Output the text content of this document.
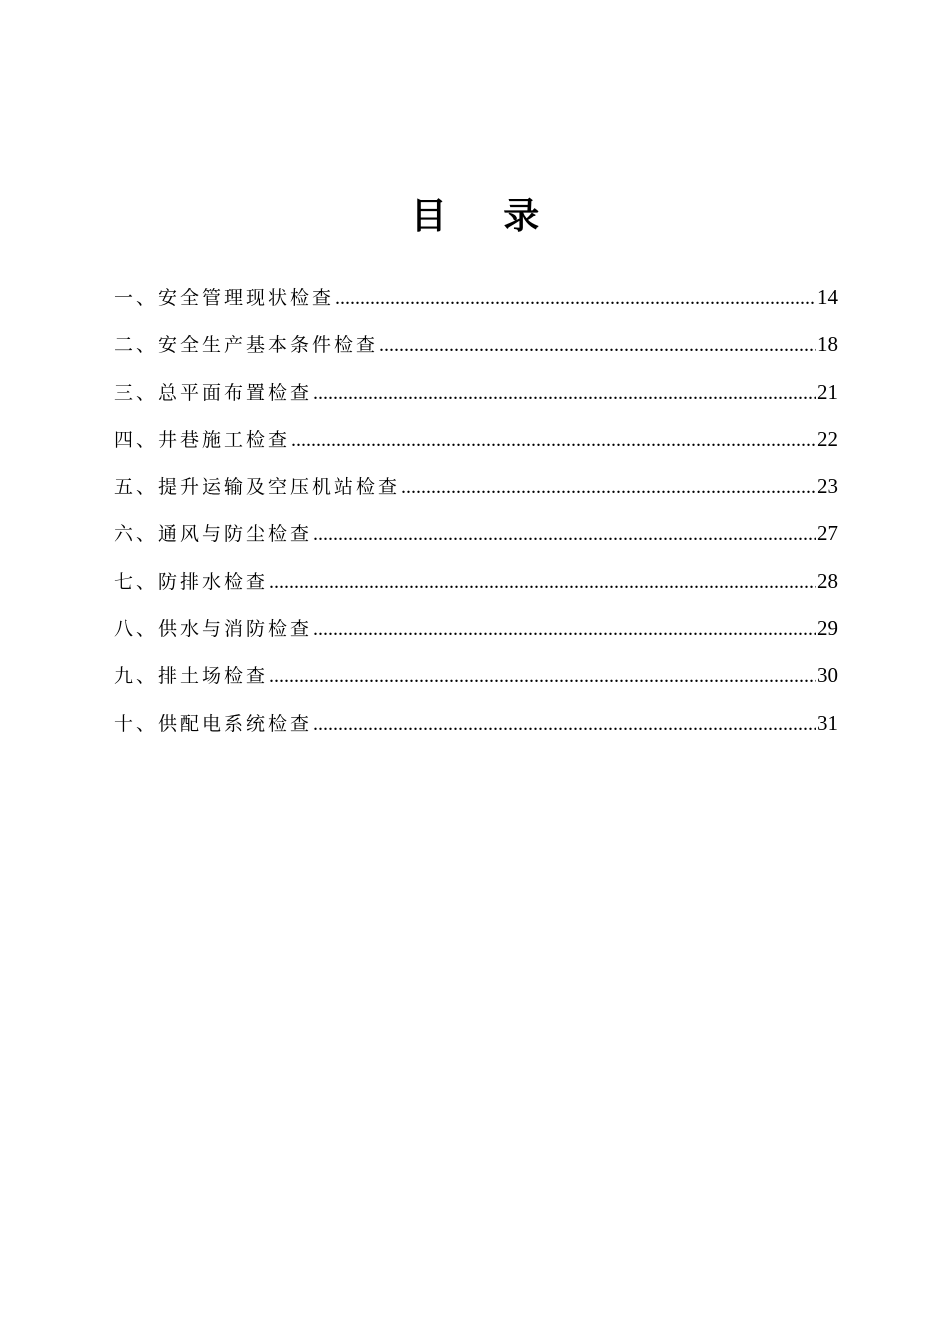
目 录
一、安全管理现状检查 .....	14
二、安全生产基本条件检查 .....	18
三、总平面布置检查 .....	21
四、井巷施工检查 .....	22
五、提升运输及空压机站检查 .....	23
六、通风与防尘检查 .....	27
七、防排水检查 .....	28
八、供水与消防检查 .....	29
九、排土场检查 .....	30
十、供配电系统检查 .....	31
